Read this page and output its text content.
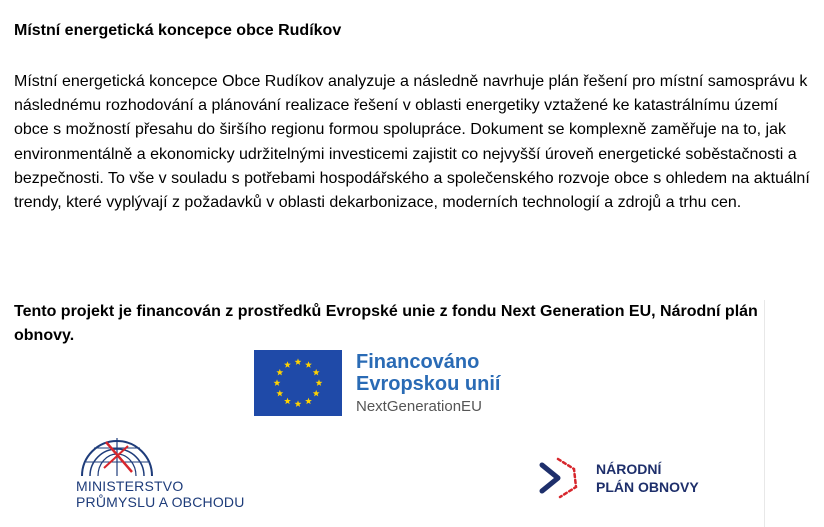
Místní energetická koncepce obce Rudíkov

Místní energetická koncepce Obce Rudíkov analyzuje a následně navrhuje plán řešení pro místní samosprávu k následnému rozhodování a plánování realizace řešení v oblasti energetiky vztažené ke katastrálnímu území obce s možností přesahu do širšího regionu formou spolupráce. Dokument se komplexně zaměřuje na to, jak environmentálně a ekonomicky udržitelnými investicemi zajistit co nejvyšší úroveň energetické soběstačnosti a bezpečnosti. To vše v souladu s potřebami hospodářského a společenského rozvoje obce s ohledem na aktuální trendy, které vyplývají z požadavků v oblasti dekarbonizace, moderních technologií a zdrojů a trhu cen.

Tento projekt je financován z prostředků Evropské unie z fondu Next Generation EU, Národní plán obnovy.

Financováno
Evropskou unií
NextGenerationEU
MINISTERSTVO
PRŮMYSLU A OBCHODU
NÁRODNÍ
PLÁN OBNOVY
